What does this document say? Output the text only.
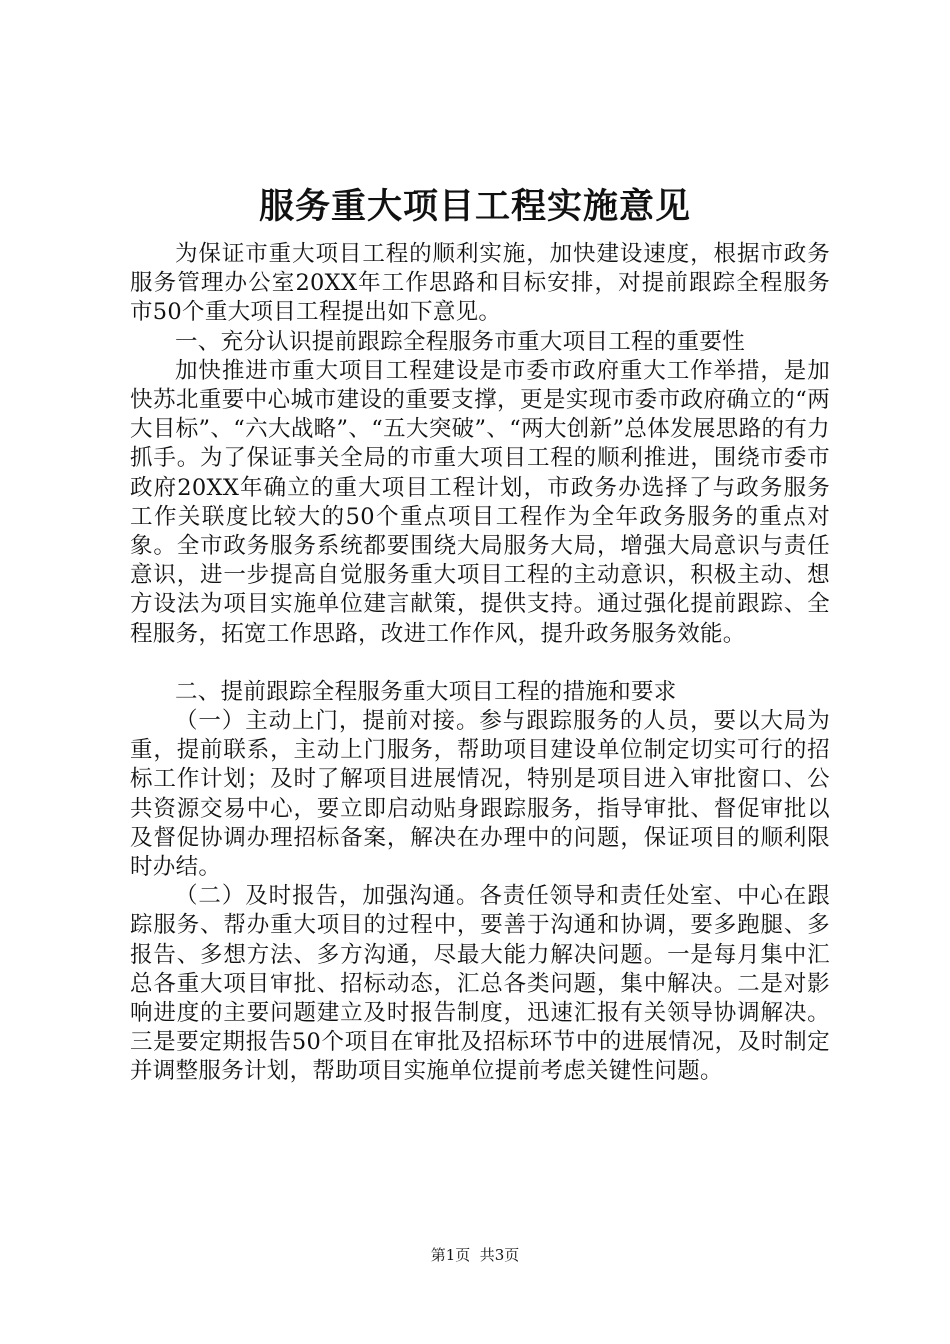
服务重大项目工程实施意见

为保证市重大项目工程的顺利实施，加快建设速度，根据市政务服务管理办公室20XX年工作思路和目标安排，对提前跟踪全程服务市50个重大项目工程提出如下意见。

一、充分认识提前跟踪全程服务市重大项目工程的重要性

加快推进市重大项目工程建设是市委市政府重大工作举措，是加快苏北重要中心城市建设的重要支撑，更是实现市委市政府确立的“两大目标”、“六大战略”、“五大突破”、“两大创新”总体发展思路的有力抓手。为了保证事关全局的市重大项目工程的顺利推进，围绕市委市政府20XX年确立的重大项目工程计划，市政务办选择了与政务服务工作关联度比较大的50个重点项目工程作为全年政务服务的重点对象。全市政务服务系统都要围绕大局服务大局，增强大局意识与责任意识，进一步提高自觉服务重大项目工程的主动意识，积极主动、想方设法为项目实施单位建言献策，提供支持。通过强化提前跟踪、全程服务，拓宽工作思路，改进工作作风，提升政务服务效能。

二、提前跟踪全程服务重大项目工程的措施和要求

（一）主动上门，提前对接。参与跟踪服务的人员，要以大局为重，提前联系，主动上门服务，帮助项目建设单位制定切实可行的招标工作计划；及时了解项目进展情况，特别是项目进入审批窗口、公共资源交易中心，要立即启动贴身跟踪服务，指导审批、督促审批以及督促协调办理招标备案，解决在办理中的问题，保证项目的顺利限时办结。

（二）及时报告，加强沟通。各责任领导和责任处室、中心在跟踪服务、帮办重大项目的过程中，要善于沟通和协调，要多跑腿、多报告、多想方法、多方沟通，尽最大能力解决问题。一是每月集中汇总各重大项目审批、招标动态，汇总各类问题，集中解决。二是对影响进度的主要问题建立及时报告制度，迅速汇报有关领导协调解决。三是要定期报告50个项目在审批及招标环节中的进展情况，及时制定并调整服务计划，帮助项目实施单位提前考虑关键性问题。

第1页  共3页
